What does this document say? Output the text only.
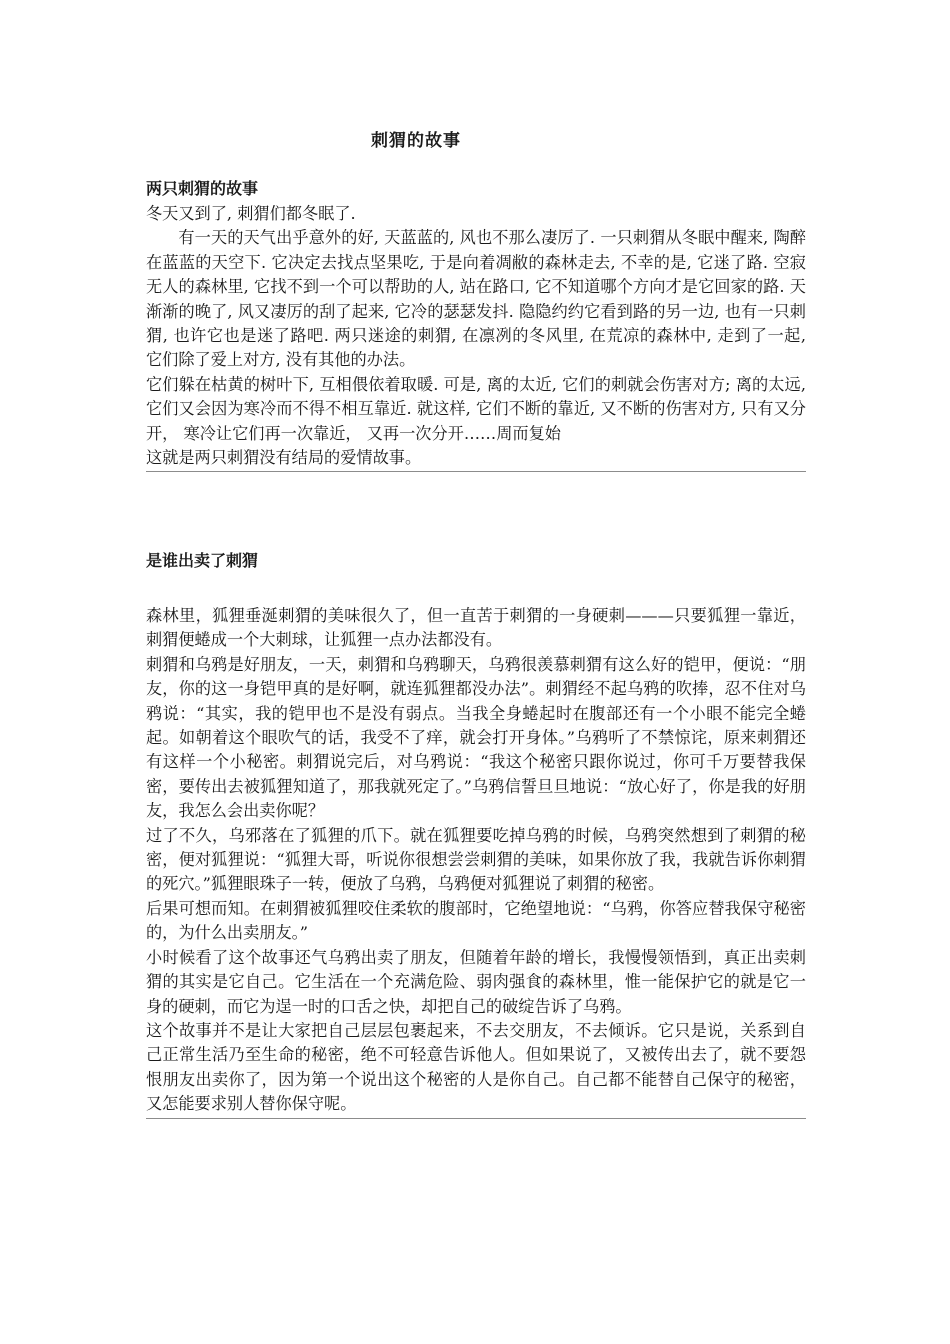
刺猬的故事
两只刺猬的故事

冬天又到了, 刺猬们都冬眠了.

有一天的天气出乎意外的好, 天蓝蓝的, 风也不那么凄厉了. 一只刺猬从冬眠中醒来, 陶醉在蓝蓝的天空下. 它决定去找点坚果吃, 于是向着凋敝的森林走去, 不幸的是, 它迷了路. 空寂无人的森林里, 它找不到一个可以帮助的人, 站在路口, 它不知道哪个方向才是它回家的路. 天渐渐的晚了, 风又凄厉的刮了起来, 它冷的瑟瑟发抖. 隐隐约约它看到路的另一边, 也有一只刺猬, 也许它也是迷了路吧. 两只迷途的刺猬, 在凛冽的冬风里, 在荒凉的森林中, 走到了一起, 它们除了爱上对方, 没有其他的办法。

它们躲在枯黄的树叶下, 互相偎依着取暖. 可是, 离的太近, 它们的刺就会伤害对方; 离的太远, 它们又会因为寒冷而不得不相互靠近. 就这样, 它们不断的靠近, 又不断的伤害对方, 只有又分开， 寒冷让它们再一次靠近， 又再一次分开……周而复始

这就是两只刺猬没有结局的爱情故事。

是谁出卖了刺猬

森林里，狐狸垂涎刺猬的美味很久了，但一直苦于刺猬的一身硬刺———只要狐狸一靠近，刺猬便蜷成一个大刺球，让狐狸一点办法都没有。

刺猬和乌鸦是好朋友，一天，刺猬和乌鸦聊天，乌鸦很羡慕刺猬有这么好的铠甲，便说：“朋友，你的这一身铠甲真的是好啊，就连狐狸都没办法”。刺猬经不起乌鸦的吹捧，忍不住对乌鸦说：“其实，我的铠甲也不是没有弱点。当我全身蜷起时在腹部还有一个小眼不能完全蜷起。如朝着这个眼吹气的话，我受不了痒，就会打开身体。”乌鸦听了不禁惊诧，原来刺猬还有这样一个小秘密。刺猬说完后，对乌鸦说：“我这个秘密只跟你说过，你可千万要替我保密，要传出去被狐狸知道了，那我就死定了。”乌鸦信誓旦旦地说：“放心好了，你是我的好朋友，我怎么会出卖你呢？

过了不久，乌邪落在了狐狸的爪下。就在狐狸要吃掉乌鸦的时候，乌鸦突然想到了刺猬的秘密，便对狐狸说：“狐狸大哥，听说你很想尝尝刺猬的美味，如果你放了我，我就告诉你刺猬的死穴。”狐狸眼珠子一转，便放了乌鸦，乌鸦便对狐狸说了刺猬的秘密。

后果可想而知。在刺猬被狐狸咬住柔软的腹部时，它绝望地说：“乌鸦，你答应替我保守秘密的，为什么出卖朋友。”

小时候看了这个故事还气乌鸦出卖了朋友，但随着年龄的增长，我慢慢领悟到，真正出卖刺猬的其实是它自己。它生活在一个充满危险、弱肉强食的森林里，惟一能保护它的就是它一身的硬刺，而它为逞一时的口舌之快，却把自己的破绽告诉了乌鸦。

这个故事并不是让大家把自己层层包裹起来，不去交朋友，不去倾诉。它只是说，关系到自己正常生活乃至生命的秘密，绝不可轻意告诉他人。但如果说了，又被传出去了，就不要怨恨朋友出卖你了，因为第一个说出这个秘密的人是你自己。自己都不能替自己保守的秘密，又怎能要求别人替你保守呢。
